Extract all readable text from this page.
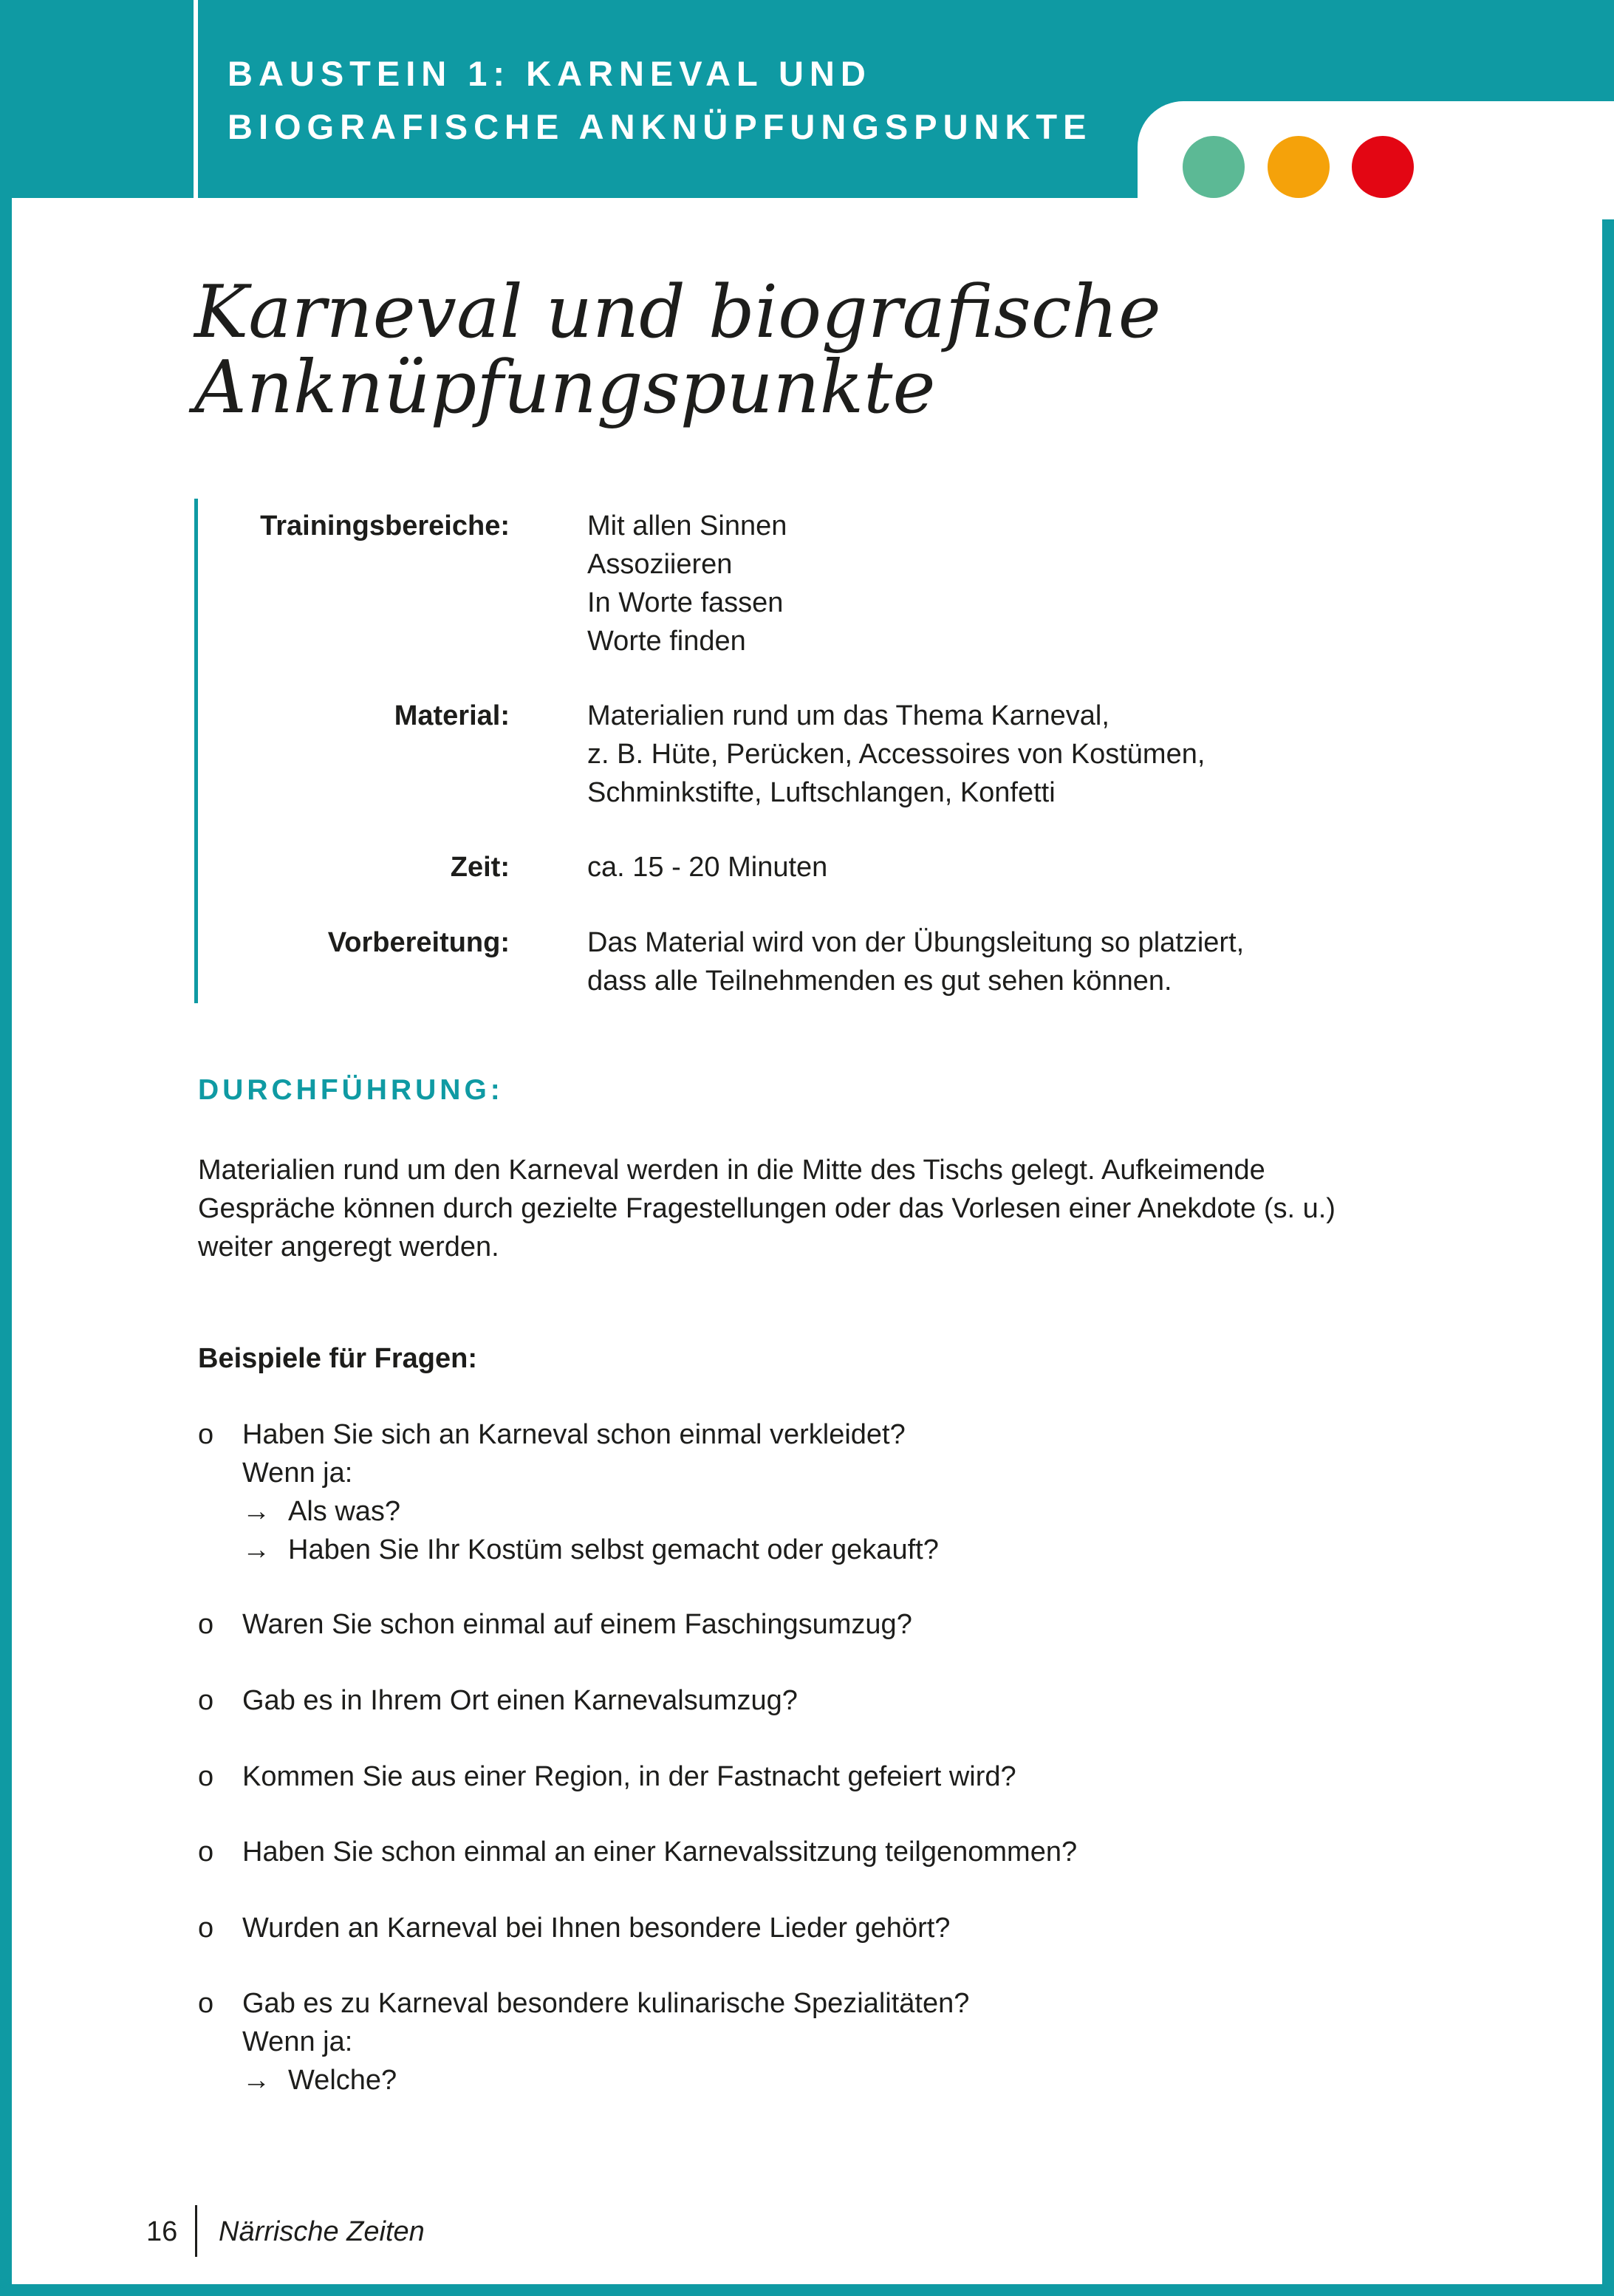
BAUSTEIN 1: KARNEVAL UND
BIOGRAFISCHE ANKNÜPFUNGSPUNKTE
Karneval und biografische
Anknüpfungspunkte
Trainingsbereiche:	Mit allen Sinnen
Assoziieren
In Worte fassen
Worte finden
Material:	Materialien rund um das Thema Karneval,
z. B. Hüte, Perücken, Accessoires von Kostümen,
Schminkstifte, Luftschlangen, Konfetti
Zeit:	ca. 15 - 20 Minuten
Vorbereitung:	Das Material wird von der Übungsleitung so platziert,
dass alle Teilnehmenden es gut sehen können.
DURCHFÜHRUNG:
Materialien rund um den Karneval werden in die Mitte des Tischs gelegt. Aufkeimende
Gespräche können durch gezielte Fragestellungen oder das Vorlesen einer Anekdote (s. u.)
weiter angeregt werden.
Beispiele für Fragen:
o Haben Sie sich an Karneval schon einmal verkleidet?
Wenn ja:
→ Als was?
→ Haben Sie Ihr Kostüm selbst gemacht oder gekauft?
o Waren Sie schon einmal auf einem Faschingsumzug?
o Gab es in Ihrem Ort einen Karnevalsumzug?
o Kommen Sie aus einer Region, in der Fastnacht gefeiert wird?
o Haben Sie schon einmal an einer Karnevalssitzung teilgenommen?
o Wurden an Karneval bei Ihnen besondere Lieder gehört?
o Gab es zu Karneval besondere kulinarische Spezialitäten?
Wenn ja:
→ Welche?
16 Närrische Zeiten
